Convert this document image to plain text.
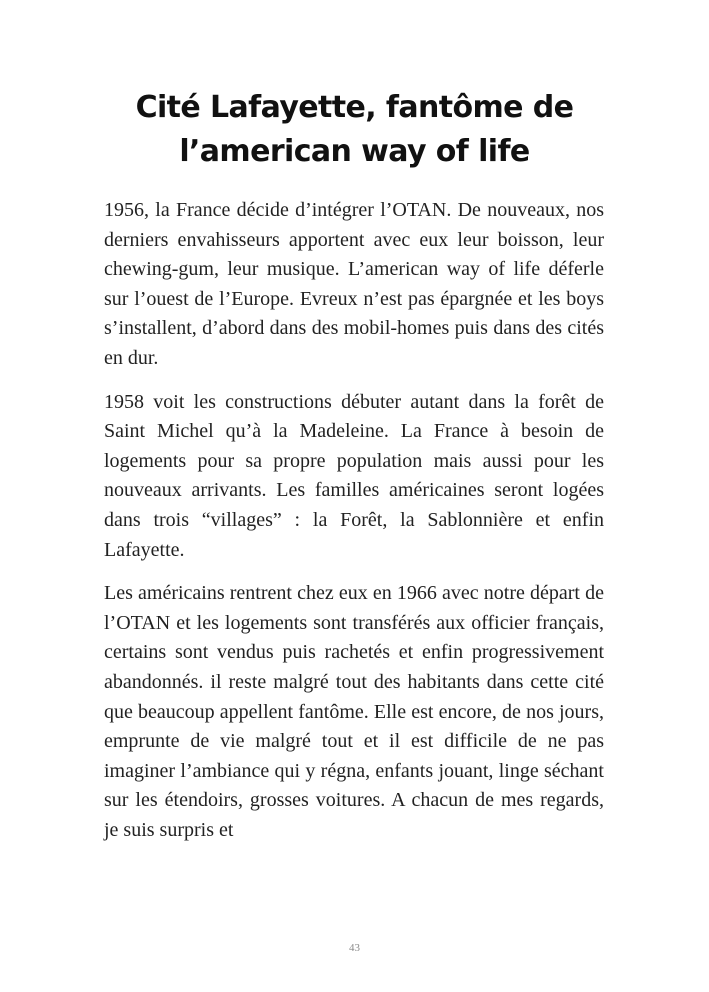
Cité Lafayette, fantôme de
l’american way of life

1956, la France décide d’intégrer l’OTAN. De nouveaux, nos derniers envahisseurs apportent avec eux leur boisson, leur chewing-gum, leur musique. L’american way of life déferle sur l’ouest de l’Europe. Evreux n’est pas épargnée et les boys s’installent, d’abord dans des mobil-homes puis dans des cités en dur.

1958 voit les constructions débuter autant dans la forêt de Saint Michel qu’à la Madeleine. La France à besoin de logements pour sa propre population mais aussi pour les nouveaux arrivants. Les familles américaines seront logées dans trois “villages” : la Forêt, la Sablonnière et enfin Lafayette.

Les américains rentrent chez eux en 1966 avec notre départ de l’OTAN et les logements sont transférés aux officier français, certains sont vendus puis rachetés et enfin progressivement abandonnés. il reste malgré tout des habitants dans cette cité que beaucoup appellent fantôme. Elle est encore, de nos jours, emprunte de vie malgré tout et il est difficile de ne pas imaginer l’ambiance qui y régna, enfants jouant, linge séchant sur les étendoirs, grosses voitures. A chacun de mes regards, je suis surpris et

43
